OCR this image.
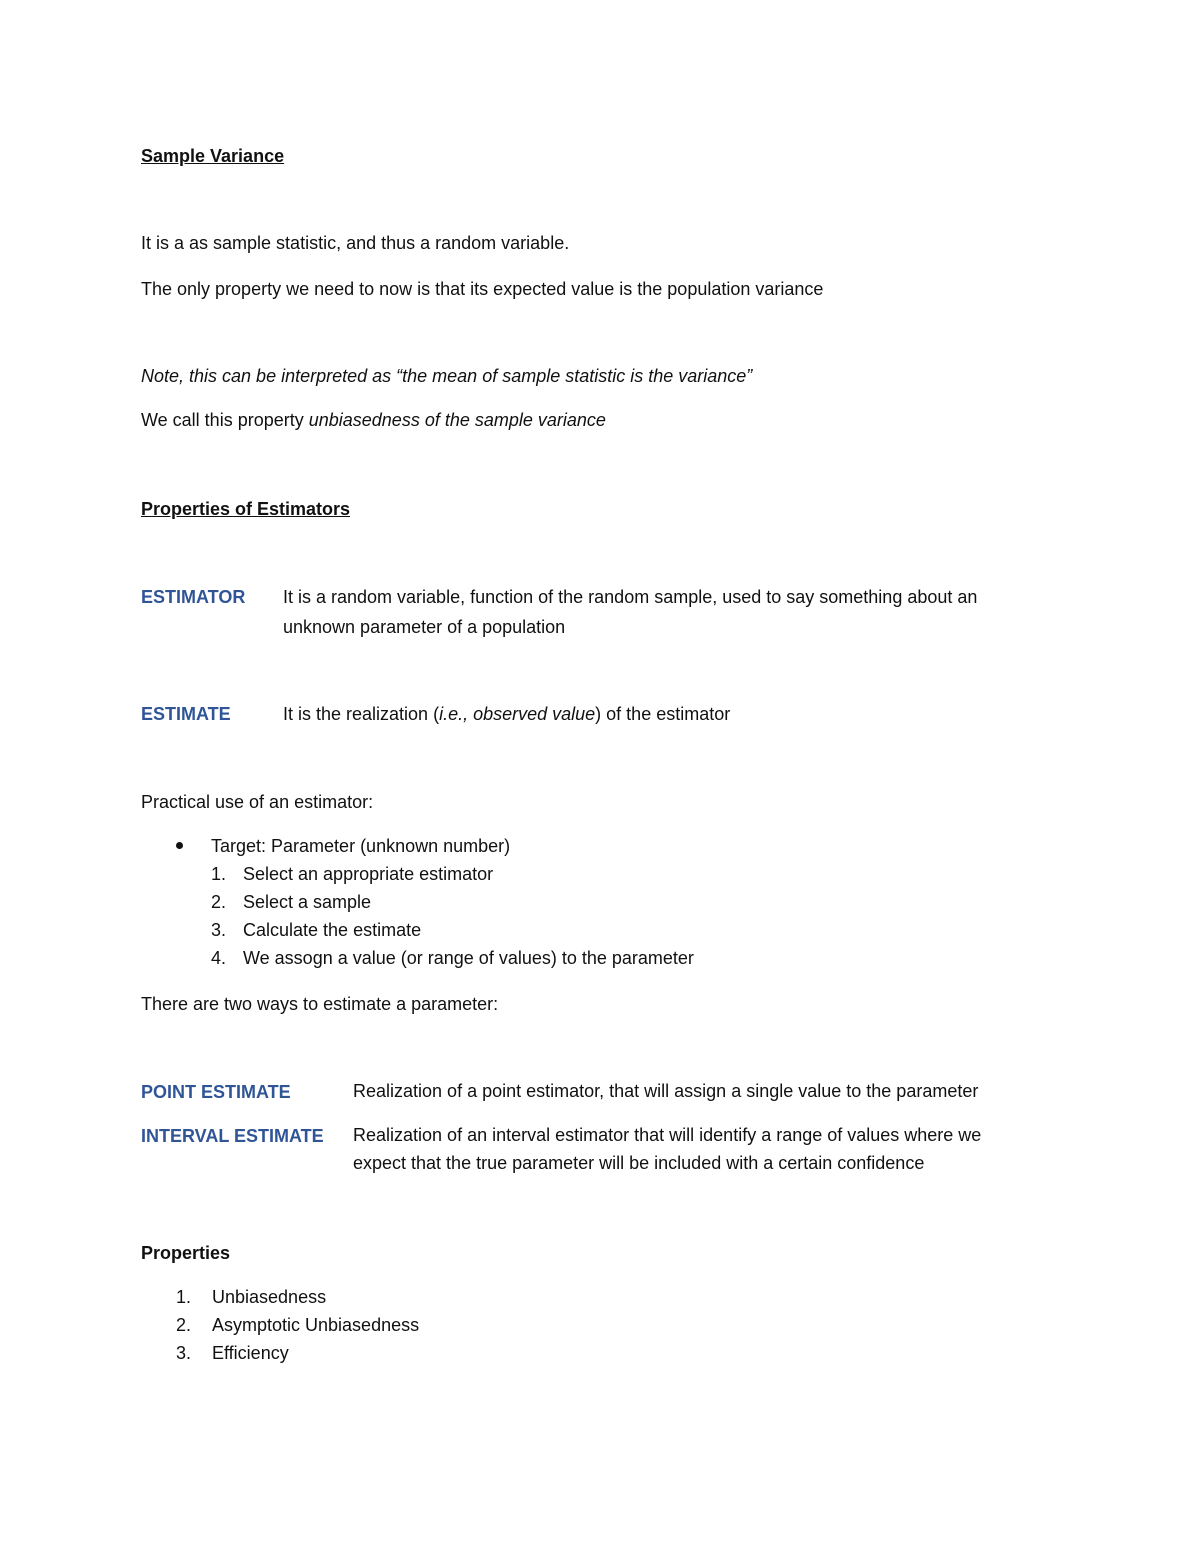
Sample Variance
It is a as sample statistic, and thus a random variable.
The only property we need to now is that its expected value is the population variance
Note, this can be interpreted as “the mean of sample statistic is the variance”
We call this property unbiasedness of the sample variance
Properties of Estimators
ESTIMATOR It is a random variable, function of the random sample, used to say something about an
unknown parameter of a population
ESTIMATE	It is the realization (i.e., observed value) of the estimator
Practical use of an estimator:
Target: Parameter (unknown number)
1. Select an appropriate estimator
2. Select a sample
3. Calculate the estimate
4. We assogn a value (or range of values) to the parameter
There are two ways to estimate a parameter:
POINT ESTIMATE	Realization of a point estimator, that will assign a single value to the parameter
INTERVAL ESTIMATE Realization of an interval estimator that will identify a range of values where we
expect that the true parameter will be included with a certain confidence
Properties
1. Unbiasedness
2. Asymptotic Unbiasedness
3. Efficiency
